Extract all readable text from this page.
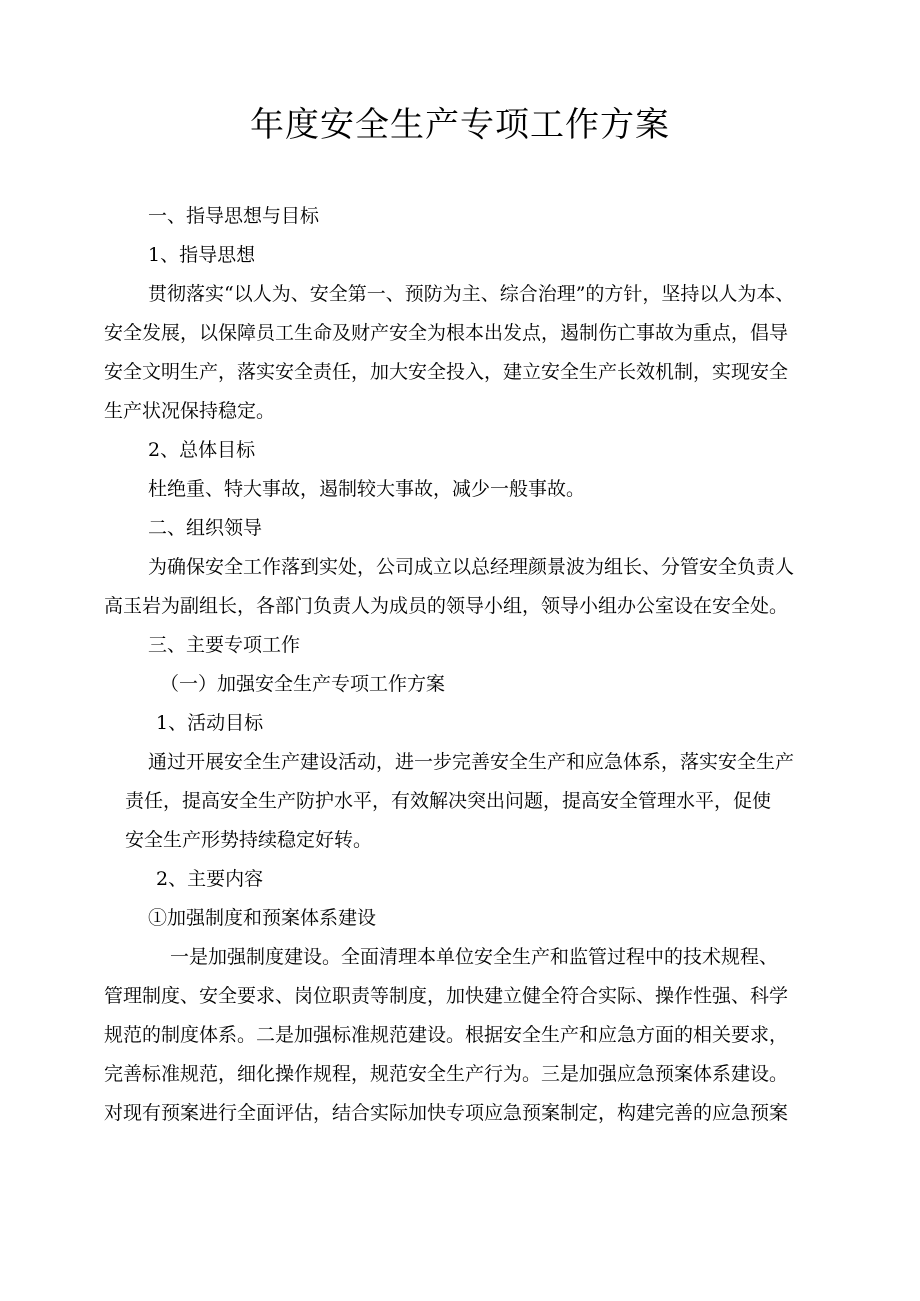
年度安全生产专项工作方案
一、指导思想与目标
1、指导思想
贯彻落实“以人为、安全第一、预防为主、综合治理”的方针，坚持以人为本、
安全发展，以保障员工生命及财产安全为根本出发点，遏制伤亡事故为重点，倡导
安全文明生产，落实安全责任，加大安全投入，建立安全生产长效机制，实现安全
生产状况保持稳定。
2、总体目标
杜绝重、特大事故，遏制较大事故，减少一般事故。
二、组织领导
为确保安全工作落到实处，公司成立以总经理颜景波为组长、分管安全负责人
高玉岩为副组长，各部门负责人为成员的领导小组，领导小组办公室设在安全处。
三、主要专项工作
（一）加强安全生产专项工作方案
1、活动目标
通过开展安全生产建设活动，进一步完善安全生产和应急体系，落实安全生产
责任，提高安全生产防护水平，有效解决突出问题，提高安全管理水平，促使
安全生产形势持续稳定好转。
2、主要内容
①加强制度和预案体系建设
一是加强制度建设。全面清理本单位安全生产和监管过程中的技术规程、
管理制度、安全要求、岗位职责等制度，加快建立健全符合实际、操作性强、科学
规范的制度体系。二是加强标准规范建设。根据安全生产和应急方面的相关要求，
完善标准规范，细化操作规程，规范安全生产行为。三是加强应急预案体系建设。
对现有预案进行全面评估，结合实际加快专项应急预案制定，构建完善的应急预案
